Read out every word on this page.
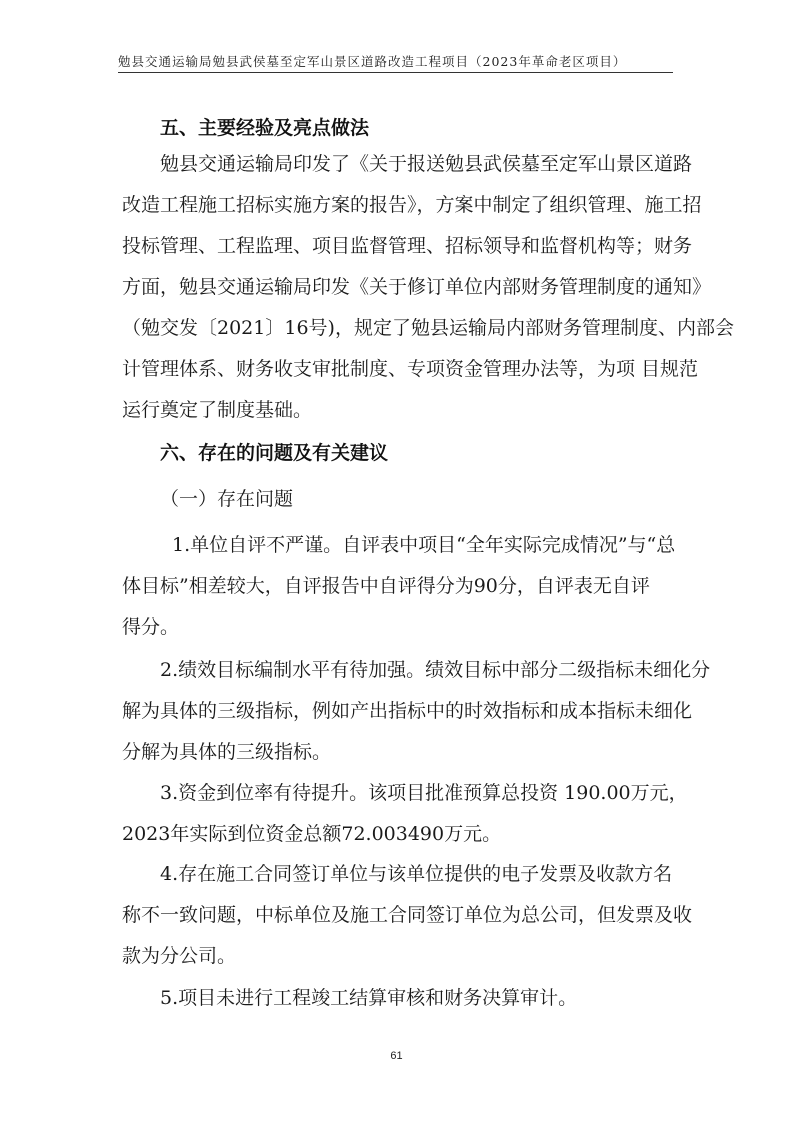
勉县交通运输局勉县武侯墓至定军山景区道路改造工程项目（2023年革命老区项目）
五、主要经验及亮点做法
勉县交通运输局印发了《关于报送勉县武侯墓至定军山景区道路
改造工程施工招标实施方案的报告》，方案中制定了组织管理、施工招
投标管理、工程监理、项目监督管理、招标领导和监督机构等；财务
方面，勉县交通运输局印发《关于修订单位内部财务管理制度的通知》
（勉交发〔2021〕16号)，规定了勉县运输局内部财务管理制度、内部会
计管理体系、财务收支审批制度、专项资金管理办法等，为项 目规范
运行奠定了制度基础。
六、存在的问题及有关建议
（一）存在问题
1.单位自评不严谨。自评表中项目“全年实际完成情况”与“总
体目标”相差较大，自评报告中自评得分为90分，自评表无自评
得分。
2.绩效目标编制水平有待加强。绩效目标中部分二级指标未细化分
解为具体的三级指标，例如产出指标中的时效指标和成本指标未细化
分解为具体的三级指标。
3.资金到位率有待提升。该项目批准预算总投资 190.00万元，
2023年实际到位资金总额72.003490万元。
4.存在施工合同签订单位与该单位提供的电子发票及收款方名
称不一致问题，中标单位及施工合同签订单位为总公司，但发票及收
款为分公司。
5.项目未进行工程竣工结算审核和财务决算审计。
61
